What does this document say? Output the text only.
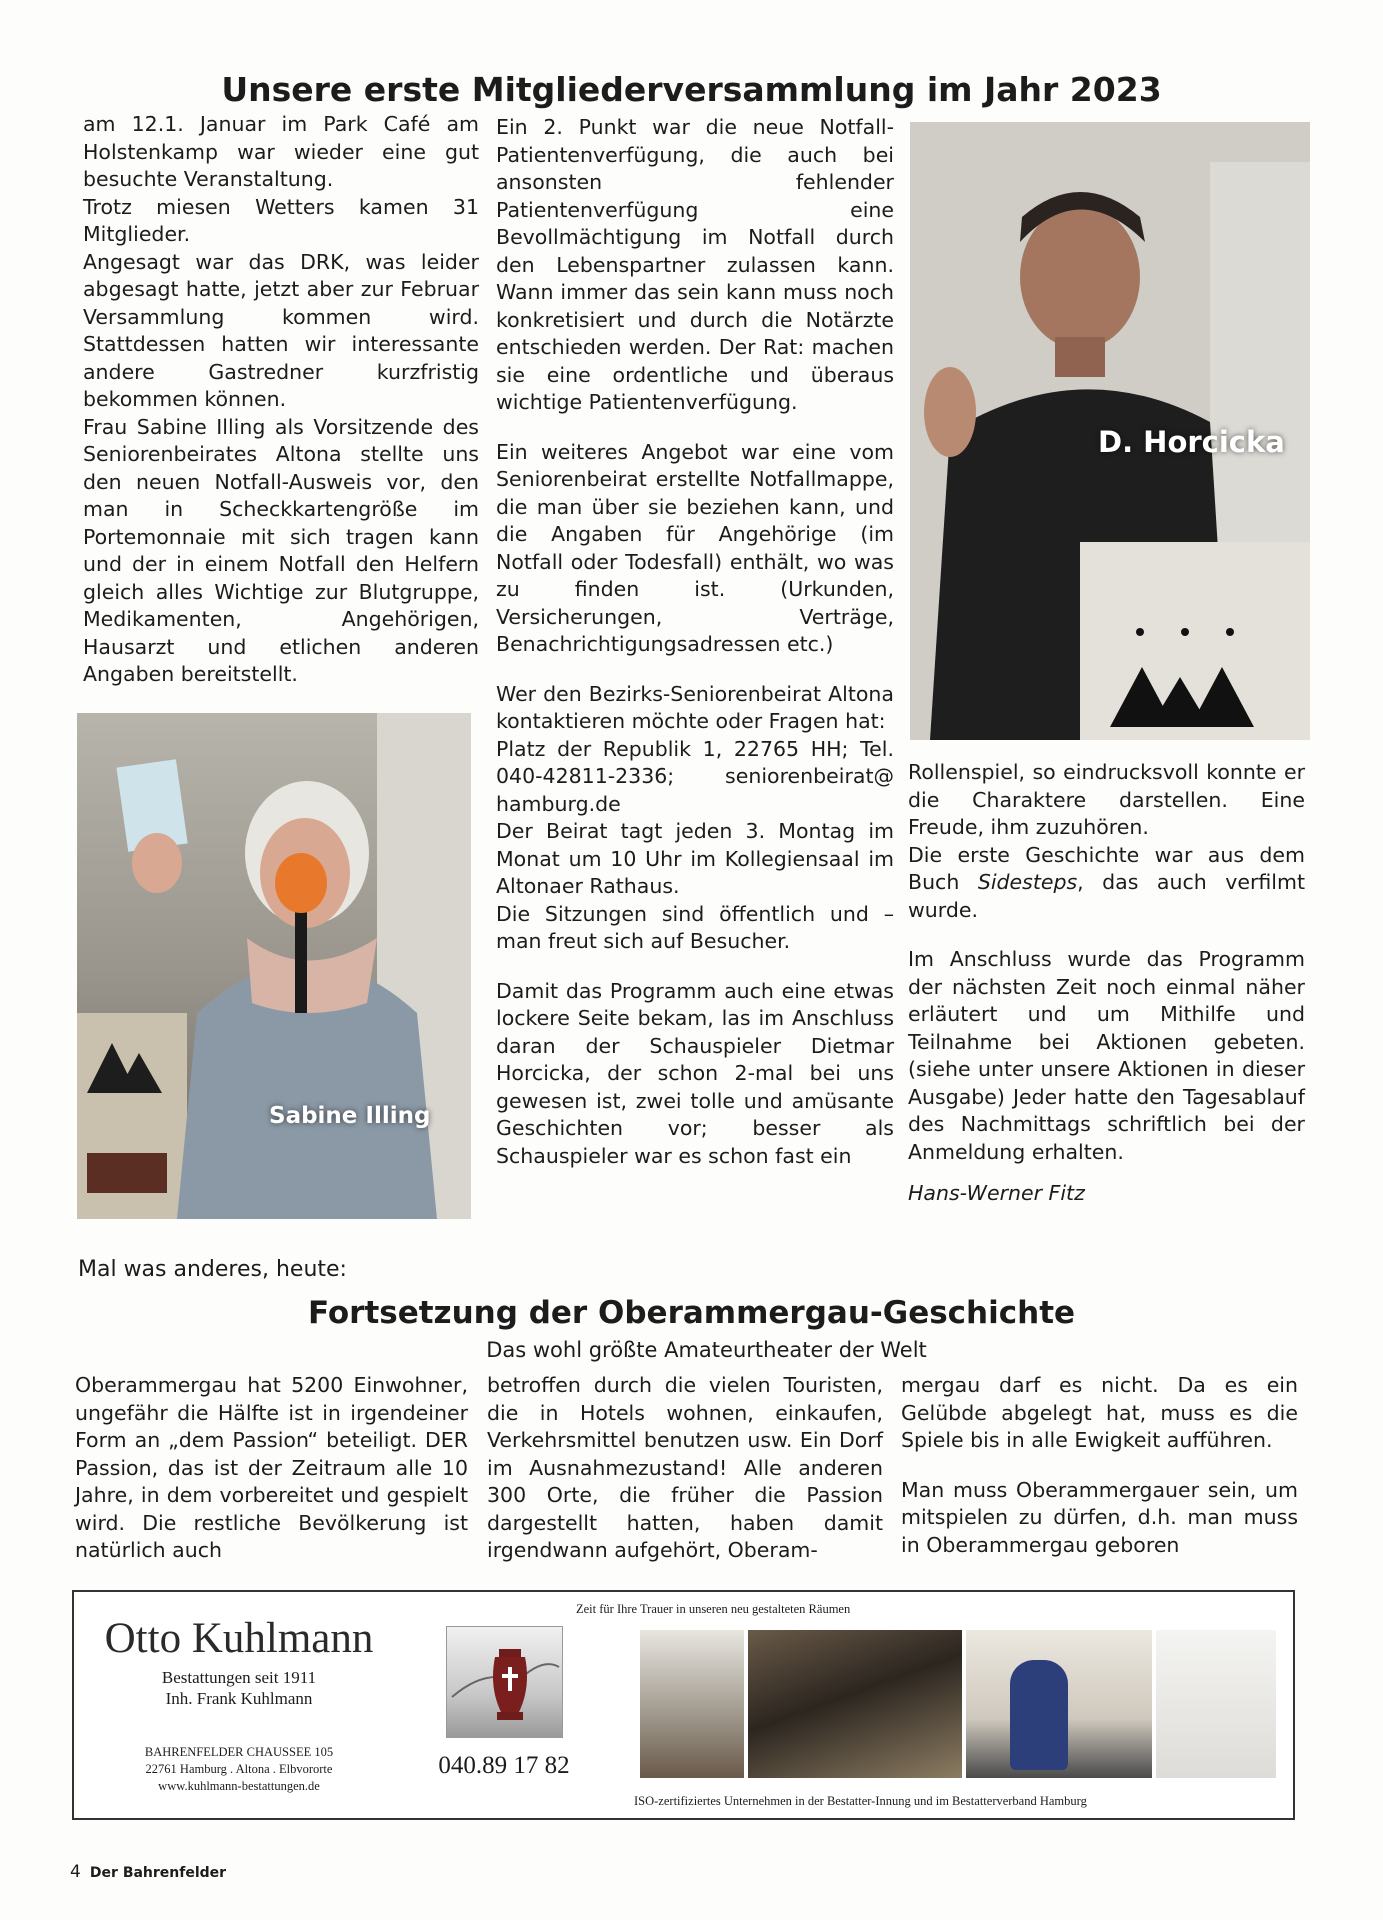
Unsere erste Mitgliederversammlung im Jahr 2023

am 12.1. Januar im Park Café am Holstenkamp war wieder eine gut besuchte Veranstaltung.

Trotz miesen Wetters kamen 31 Mitglieder.

Angesagt war das DRK, was leider abgesagt hatte, jetzt aber zur Februar Versammlung kommen wird. Stattdessen hatten wir interessante andere Gastredner kurzfristig bekommen können.

Frau Sabine Illing als Vorsitzende des Seniorenbeirates Altona stellte uns den neuen Notfall-Ausweis vor, den man in Scheckkartengröße im Portemonnaie mit sich tragen kann und der in einem Notfall den Helfern gleich alles Wichtige zur Blutgruppe, Medikamenten, Angehörigen, Hausarzt und etlichen anderen Angaben bereitstellt.

Sabine Illing

Ein 2. Punkt war die neue Notfall-Patientenverfügung, die auch bei ansonsten fehlender Patientenverfügung eine Bevollmächtigung im Notfall durch den Lebenspartner zulassen kann. Wann immer das sein kann muss noch konkretisiert und durch die Notärzte entschieden werden. Der Rat: machen sie eine ordentliche und überaus wichtige Patientenverfügung.

Ein weiteres Angebot war eine vom Seniorenbeirat erstellte Notfallmappe, die man über sie beziehen kann, und die Angaben für Angehörige (im Notfall oder Todesfall) enthält, wo was zu finden ist. (Urkunden, Versicherungen, Verträge, Benachrichtigungsadressen etc.)

Wer den Bezirks-Seniorenbeirat Altona kontaktieren möchte oder Fragen hat:

Platz der Republik 1, 22765 HH; Tel. 040-42811-2336; seniorenbeirat@ hamburg.de

Der Beirat tagt jeden 3. Montag im Monat um 10 Uhr im Kollegiensaal im Altonaer Rathaus.

Die Sitzungen sind öffentlich und – man freut sich auf Besucher.

Damit das Programm auch eine etwas lockere Seite bekam, las im Anschluss daran der Schauspieler Dietmar Horcicka, der schon 2-mal bei uns gewesen ist, zwei tolle und amüsante Geschichten vor; besser als Schauspieler war es schon fast ein

D. Horcicka

Rollenspiel, so eindrucksvoll konnte er die Charaktere darstellen. Eine Freude, ihm zuzuhören.

Die erste Geschichte war aus dem Buch Sidesteps, das auch verfilmt wurde.

Im Anschluss wurde das Programm der nächsten Zeit noch einmal näher erläutert und um Mithilfe und Teilnahme bei Aktionen gebeten. (siehe unter unsere Aktionen in dieser Ausgabe) Jeder hatte den Tagesablauf des Nachmittags schriftlich bei der Anmeldung erhalten.

Hans-Werner Fitz

Mal was anderes, heute:
Fortsetzung der Oberammergau-Geschichte
Das wohl größte Amateurtheater der Welt

Oberammergau hat 5200 Einwohner, ungefähr die Hälfte ist in irgendeiner Form an „dem Passion“ beteiligt. DER Passion, das ist der Zeitraum alle 10 Jahre, in dem vorbereitet und gespielt wird. Die restliche Bevölkerung ist natürlich auch

betroffen durch die vielen Touristen, die in Hotels wohnen, einkaufen, Verkehrsmittel benutzen usw. Ein Dorf im Ausnahmezustand! Alle anderen 300 Orte, die früher die Passion dargestellt hatten, haben damit irgendwann aufgehört, Oberam-

mergau darf es nicht. Da es ein Gelübde abgelegt hat, muss es die Spiele bis in alle Ewigkeit aufführen.

Man muss Oberammergauer sein, um mitspielen zu dürfen, d.h. man muss in Oberammergau geboren

Otto Kuhlmann
Bestattungen seit 1911
Inh. Frank Kuhlmann
BAHRENFELDER CHAUSSEE 105
22761 Hamburg . Altona . Elbvororte
www.kuhlmann-bestattungen.de
040.89 17 82
Zeit für Ihre Trauer in unseren neu gestalteten Räumen
ISO-zertifiziertes Unternehmen in der Bestatter-Innung und im Bestatterverband Hamburg
4 Der Bahrenfelder
